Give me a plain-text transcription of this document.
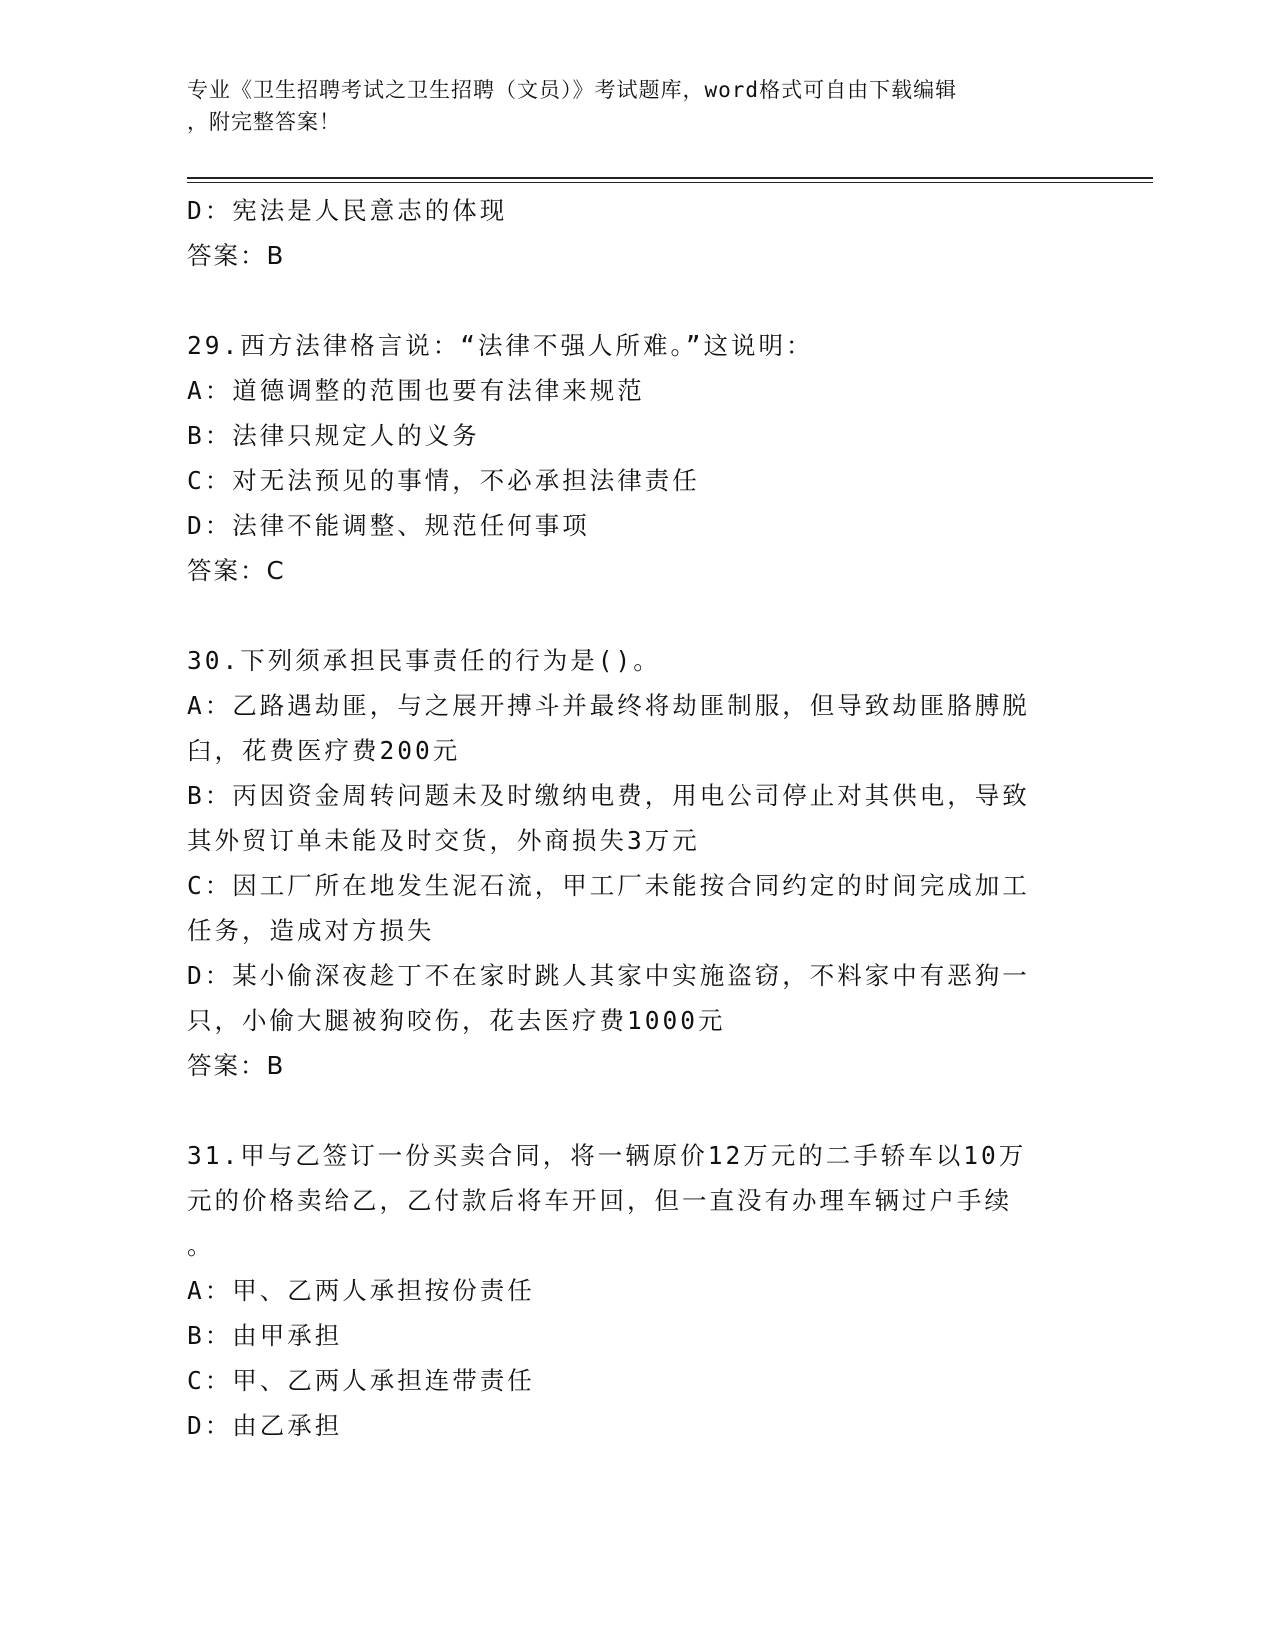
专业《卫生招聘考试之卫生招聘（文员）》考试题库，word格式可自由下载编辑
，附完整答案！
D：宪法是人民意志的体现
答案：B
29.西方法律格言说：“法律不强人所难。”这说明：
A：道德调整的范围也要有法律来规范
B：法律只规定人的义务
C：对无法预见的事情，不必承担法律责任
D：法律不能调整、规范任何事项
答案：C
30.下列须承担民事责任的行为是()。
A：乙路遇劫匪，与之展开搏斗并最终将劫匪制服，但导致劫匪胳膊脱
臼，花费医疗费200元
B：丙因资金周转问题未及时缴纳电费，用电公司停止对其供电，导致
其外贸订单未能及时交货，外商损失3万元
C：因工厂所在地发生泥石流，甲工厂未能按合同约定的时间完成加工
任务，造成对方损失
D：某小偷深夜趁丁不在家时跳人其家中实施盗窃，不料家中有恶狗一
只，小偷大腿被狗咬伤，花去医疗费1000元
答案：B
31.甲与乙签订一份买卖合同，将一辆原价12万元的二手轿车以10万
元的价格卖给乙，乙付款后将车开回，但一直没有办理车辆过户手续
。
A：甲、乙两人承担按份责任
B：由甲承担
C：甲、乙两人承担连带责任
D：由乙承担
